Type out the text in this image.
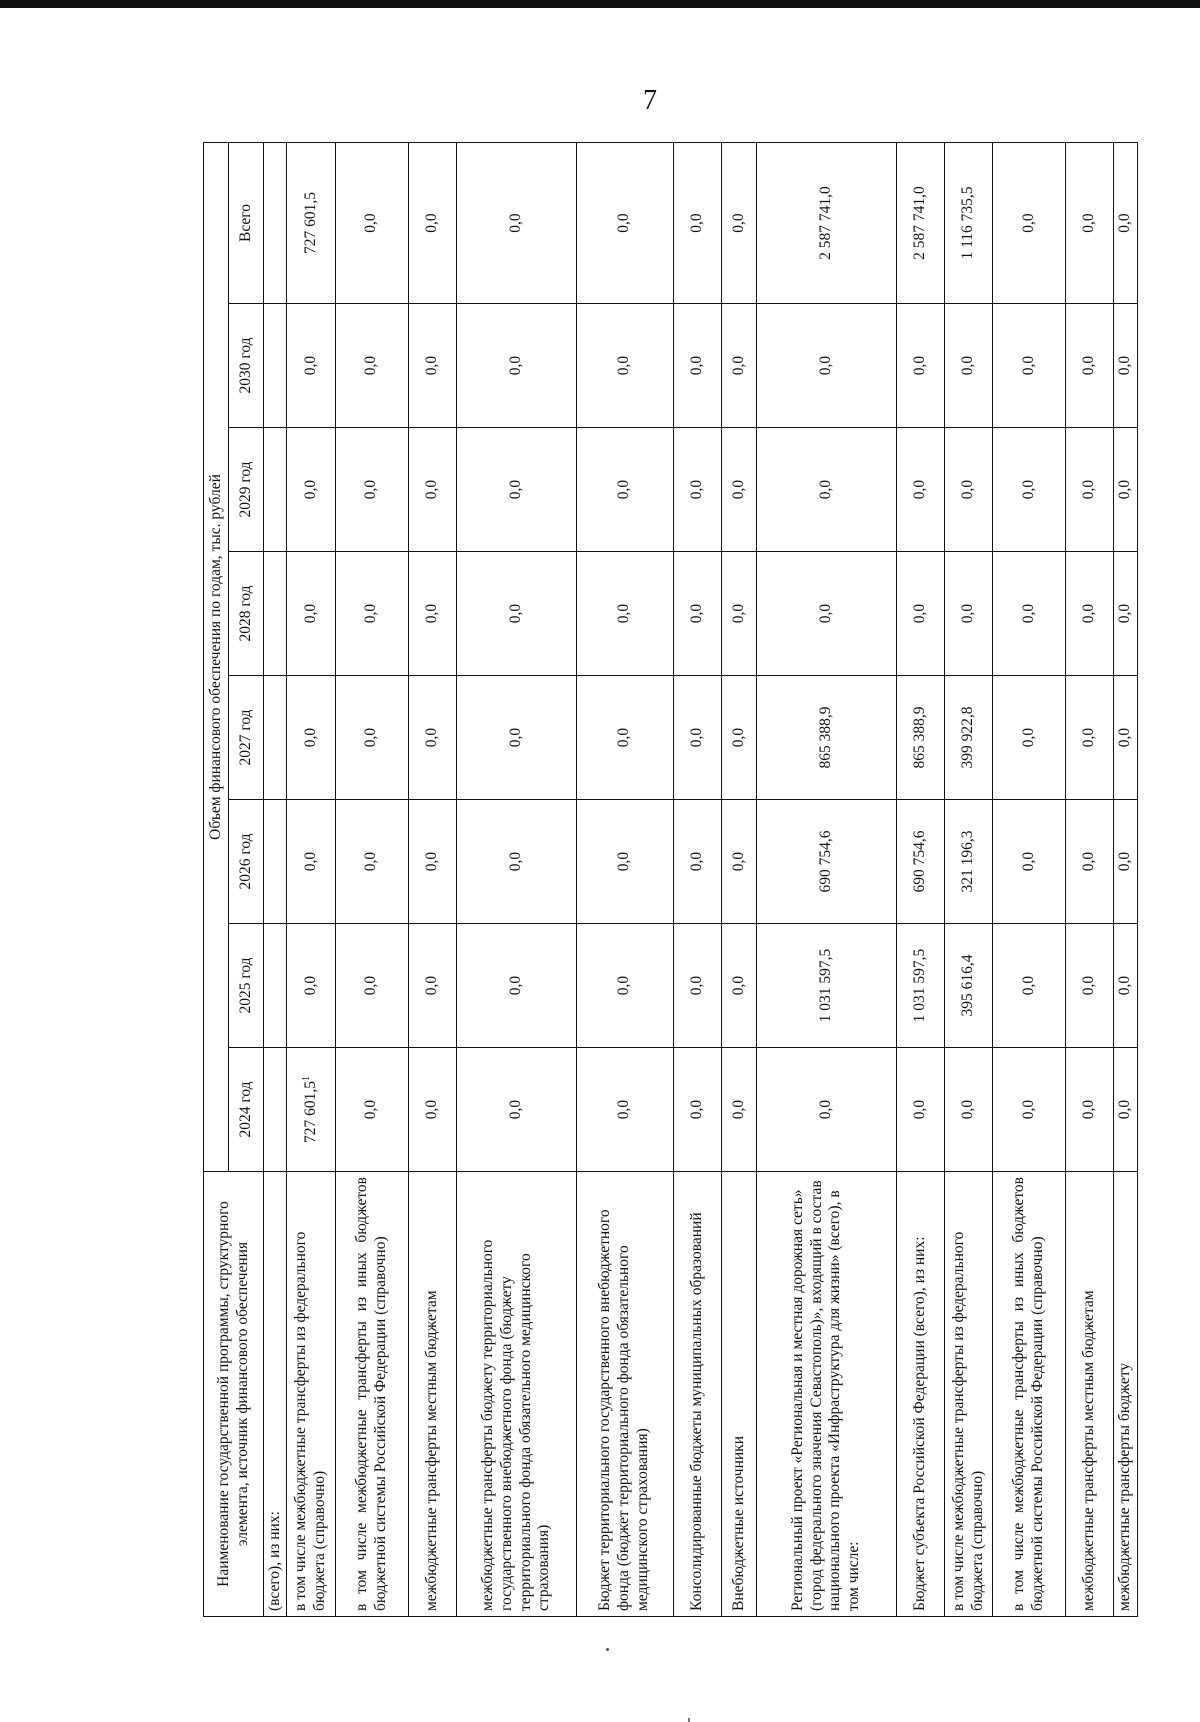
7
Наименование государственной программы, структурного элемента, источник финансового обеспечения	Объем финансового обеспечения по годам, тыс. рублей							
	2024 год	2025 год	2026 год	2027 год	2028 год	2029 год	2030 год	Всего
(всего), из них:								
в том числе межбюджетные трансферты из федерального бюджета (справочно)	727 601,5$^1$	0,0	0,0	0,0	0,0	0,0	0,0	727 601,5
в том числе межбюджетные трансферты из иных бюджетов бюджетной системы Российской Федерации (справочно)	0,0	0,0	0,0	0,0	0,0	0,0	0,0	0,0
межбюджетные трансферты местным бюджетам	0,0	0,0	0,0	0,0	0,0	0,0	0,0	0,0
межбюджетные трансферты бюджету территориального государственного внебюджетного фонда (бюджету территориального фонда обязательного медицинского страхования)	0,0	0,0	0,0	0,0	0,0	0,0	0,0	0,0
Бюджет территориального государственного внебюджетного фонда (бюджет территориального фонда обязательного медицинского страхования)	0,0	0,0	0,0	0,0	0,0	0,0	0,0	0,0
Консолидированные бюджеты муниципальных образований	0,0	0,0	0,0	0,0	0,0	0,0	0,0	0,0
Внебюджетные источники	0,0	0,0	0,0	0,0	0,0	0,0	0,0	0,0
Региональный проект «Региональная и местная дорожная сеть» (город федерального значения Севастополь)», входящий в состав национального проекта «Инфраструктура для жизни» (всего), в том числе:	0,0	1 031 597,5	690 754,6	865 388,9	0,0	0,0	0,0	2 587 741,0
Бюджет субъекта Российской Федерации (всего), из них:	0,0	1 031 597,5	690 754,6	865 388,9	0,0	0,0	0,0	2 587 741,0
в том числе межбюджетные трансферты из федерального бюджета (справочно)	0,0	395 616,4	321 196,3	399 922,8	0,0	0,0	0,0	1 116 735,5
в том числе межбюджетные трансферты из иных бюджетов бюджетной системы Российской Федерации (справочно)	0,0	0,0	0,0	0,0	0,0	0,0	0,0	0,0
межбюджетные трансферты местным бюджетам	0,0	0,0	0,0	0,0	0,0	0,0	0,0	0,0
межбюджетные трансферты бюджету	0,0	0,0	0,0	0,0	0,0	0,0	0,0	0,0
